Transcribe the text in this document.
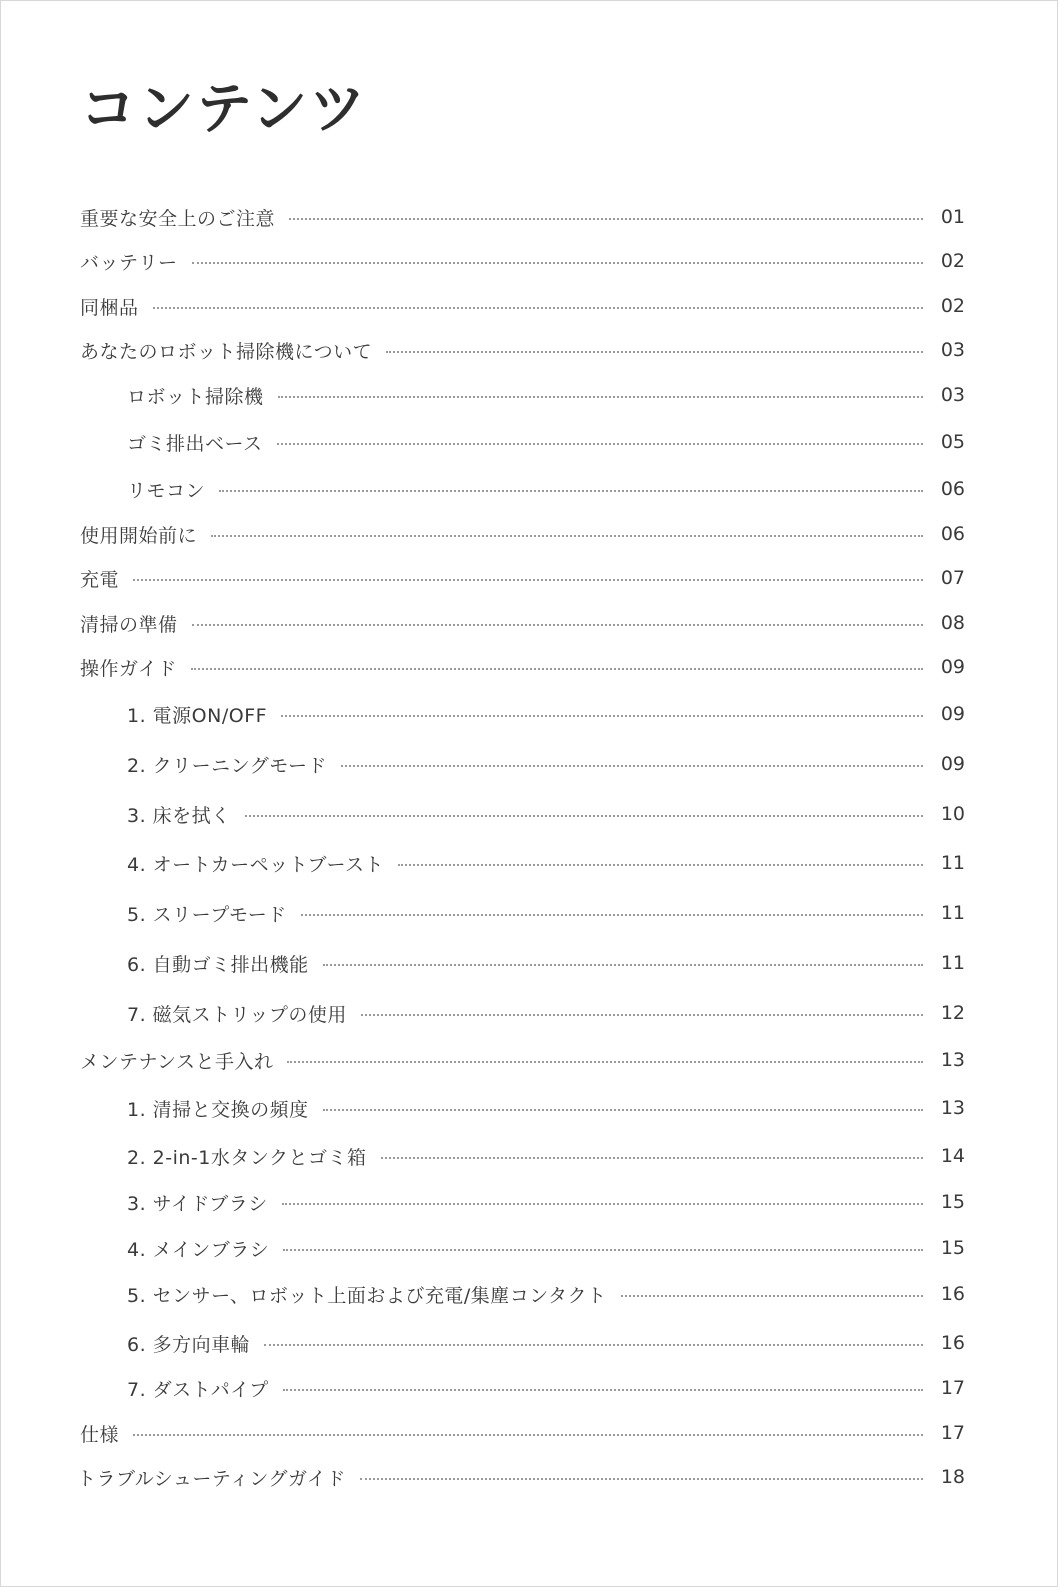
コンテンツ
重要な安全上のご注意	01
バッテリー	02
同梱品	02
あなたのロボット掃除機について	03
ロボット掃除機	03
ゴミ排出ベース	05
リモコン	06
使用開始前に	06
充電	07
清掃の準備	08
操作ガイド	09
1. 電源ON/OFF	09
2. クリーニングモード	09
3. 床を拭く	10
4. オートカーペットブースト	11
5. スリープモード	11
6. 自動ゴミ排出機能	11
7. 磁気ストリップの使用	12
メンテナンスと手入れ	13
1. 清掃と交換の頻度	13
2. 2-in-1水タンクとゴミ箱	14
3. サイドブラシ	15
4. メインブラシ	15
5. センサー、ロボット上面および充電/集塵コンタクト	16
6. 多方向車輪	16
7. ダストパイプ	17
仕様	17
トラブルシューティングガイド	18
